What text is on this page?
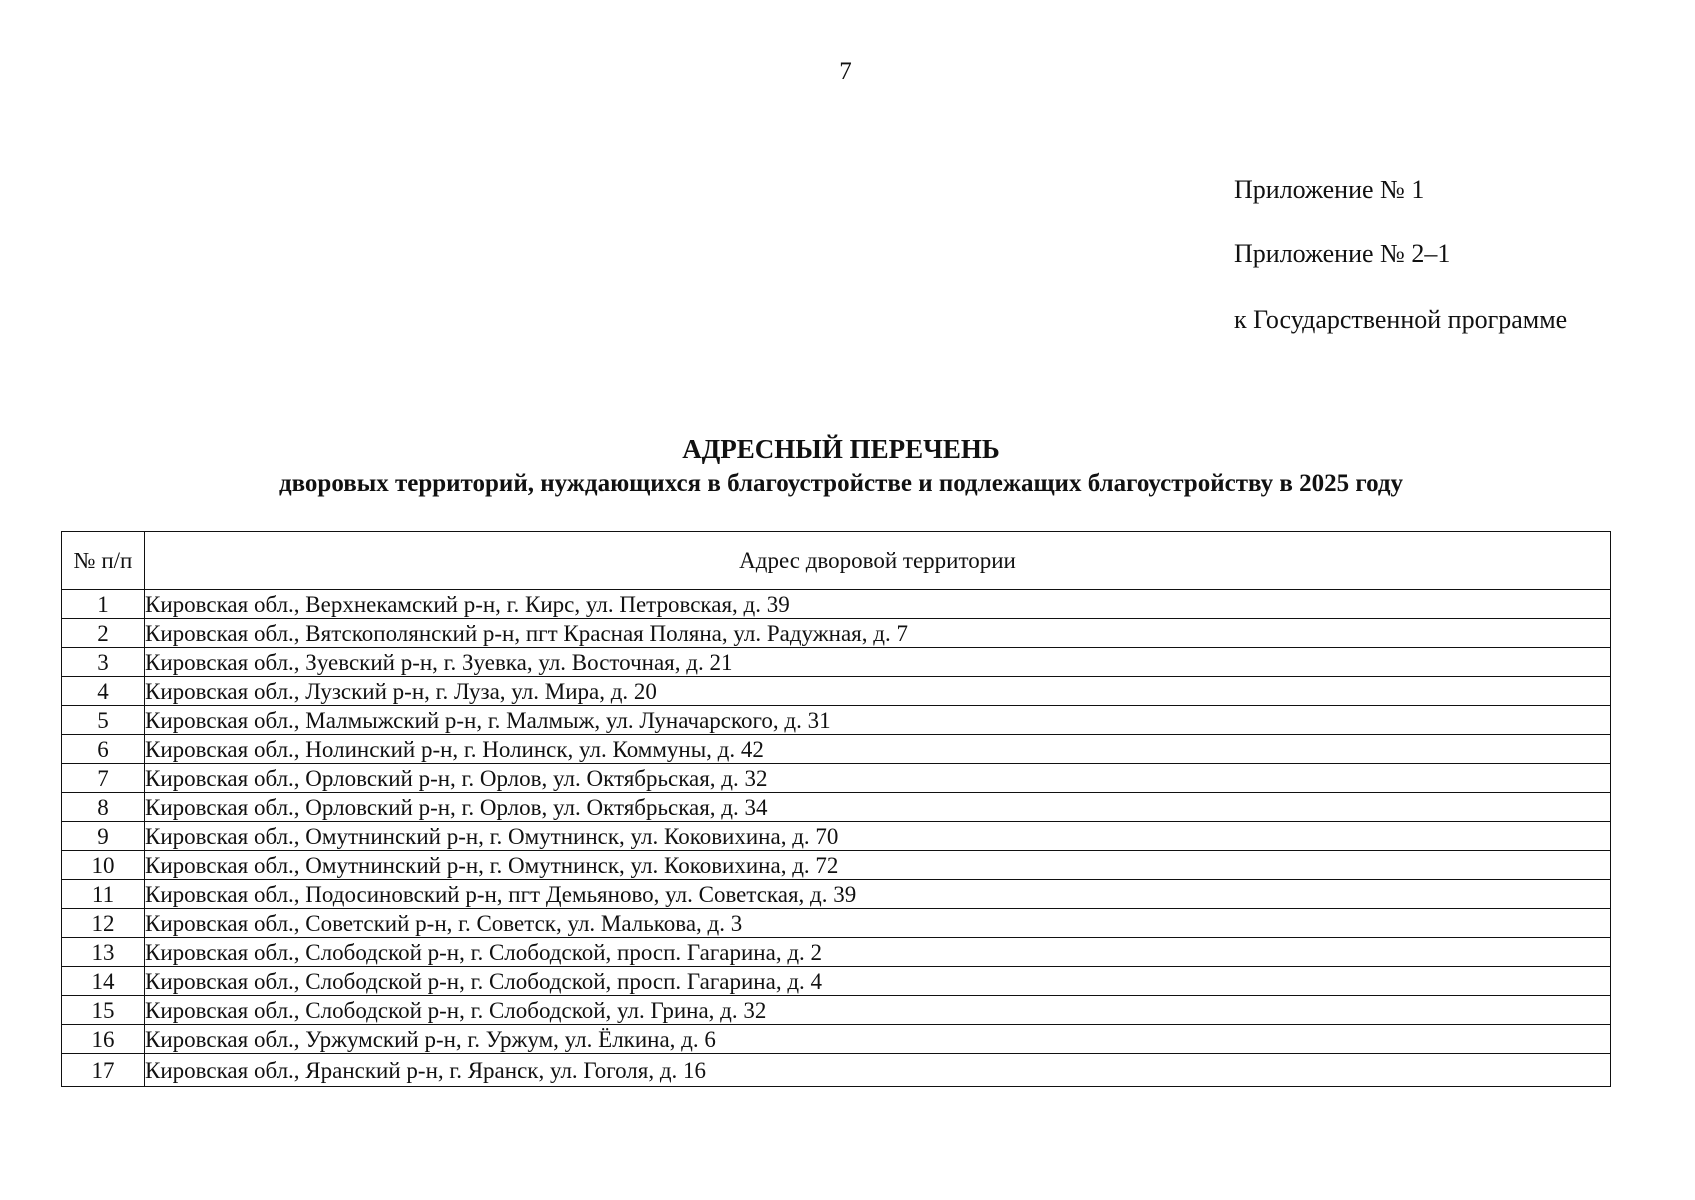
7
Приложение № 1
Приложение № 2–1
к Государственной программе
АДРЕСНЫЙ ПЕРЕЧЕНЬ
дворовых территорий, нуждающихся в благоустройстве и подлежащих благоустройству в 2025 году
№ п/п	Адрес дворовой территории
1	Кировская обл., Верхнекамский р-н, г. Кирс, ул. Петровская, д. 39
2	Кировская обл., Вятскополянский р-н, пгт Красная Поляна, ул. Радужная, д. 7
3	Кировская обл., Зуевский р-н, г. Зуевка, ул. Восточная, д. 21
4	Кировская обл., Лузский р-н, г. Луза, ул. Мира, д. 20
5	Кировская обл., Малмыжский р-н, г. Малмыж, ул. Луначарского, д. 31
6	Кировская обл., Нолинский р-н, г. Нолинск, ул. Коммуны, д. 42
7	Кировская обл., Орловский р-н, г. Орлов, ул. Октябрьская, д. 32
8	Кировская обл., Орловский р-н, г. Орлов, ул. Октябрьская, д. 34
9	Кировская обл., Омутнинский р-н, г. Омутнинск, ул. Коковихина, д. 70
10	Кировская обл., Омутнинский р-н, г. Омутнинск, ул. Коковихина, д. 72
11	Кировская обл., Подосиновский р-н, пгт Демьяново, ул. Советская, д. 39
12	Кировская обл., Советский р-н, г. Советск, ул. Малькова, д. 3
13	Кировская обл., Слободской р-н, г. Слободской, просп. Гагарина, д. 2
14	Кировская обл., Слободской р-н, г. Слободской, просп. Гагарина, д. 4
15	Кировская обл., Слободской р-н, г. Слободской, ул. Грина, д. 32
16	Кировская обл., Уржумский р-н, г. Уржум, ул. Ёлкина, д. 6
17	Кировская обл., Яранский р-н, г. Яранск, ул. Гоголя, д. 16
